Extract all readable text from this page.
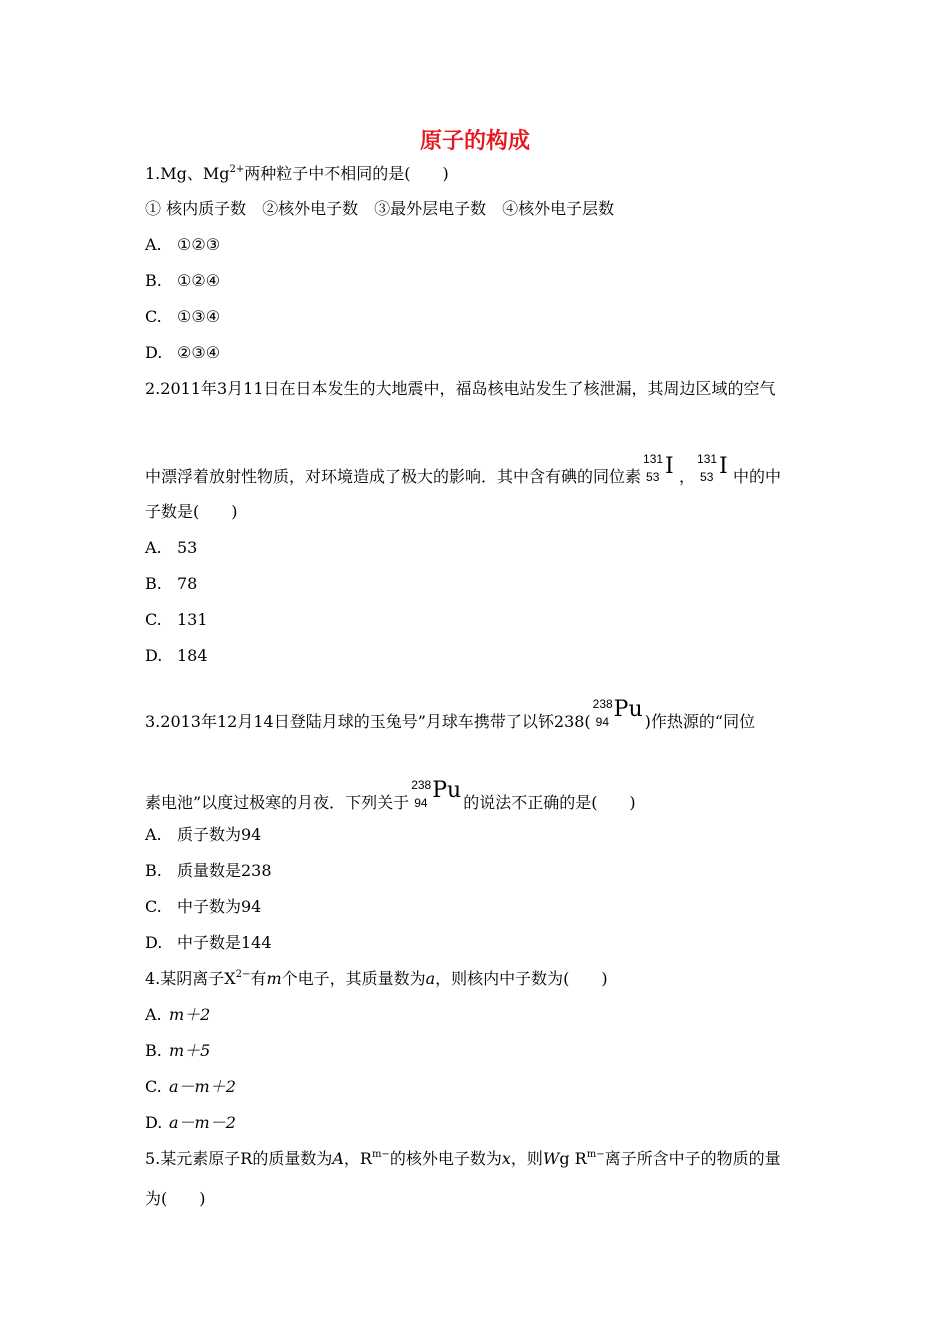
原子的构成
1.Mg、$Mg^{2+}$两种粒子中不相同的是(　　)
① 核内质子数　②核外电子数　③最外层电子数　④核外电子层数
A. ①②③
B. ①②④
C. ①③④
D. ②③④
2.2011年3月11日在日本发生的大地震中，福岛核电站发生了核泄漏，其周边区域的空气
中漂浮着放射性物质，对环境造成了极大的影响．其中含有碘的同位素
131
53 I ，
131
53 I 中的中
子数是(　　)
A. 53
B. 78
C. 131
D. 184
3.2013年12月14日登陆月球的玉兔号”月球车携带了以钚238(
238
94 Pu )作热源的“同位
素电池”以度过极寒的月夜．下列关于
238
94 Pu 的说法不正确的是(　　)
A. 质子数为94
B. 质量数是238
C. 中子数为94
D. 中子数是144
4.某阴离子$X^{2-}$有m个电子，其质量数为a，则核内中子数为(　　)
A. m＋2
B. m＋5
C. a－m＋2
D. a－m－2
5.某元素原子R的质量数为A，$R^{m-}$的核外电子数为x，则Wg $R^{m-}$离子所含中子的物质的量
为(　　)
